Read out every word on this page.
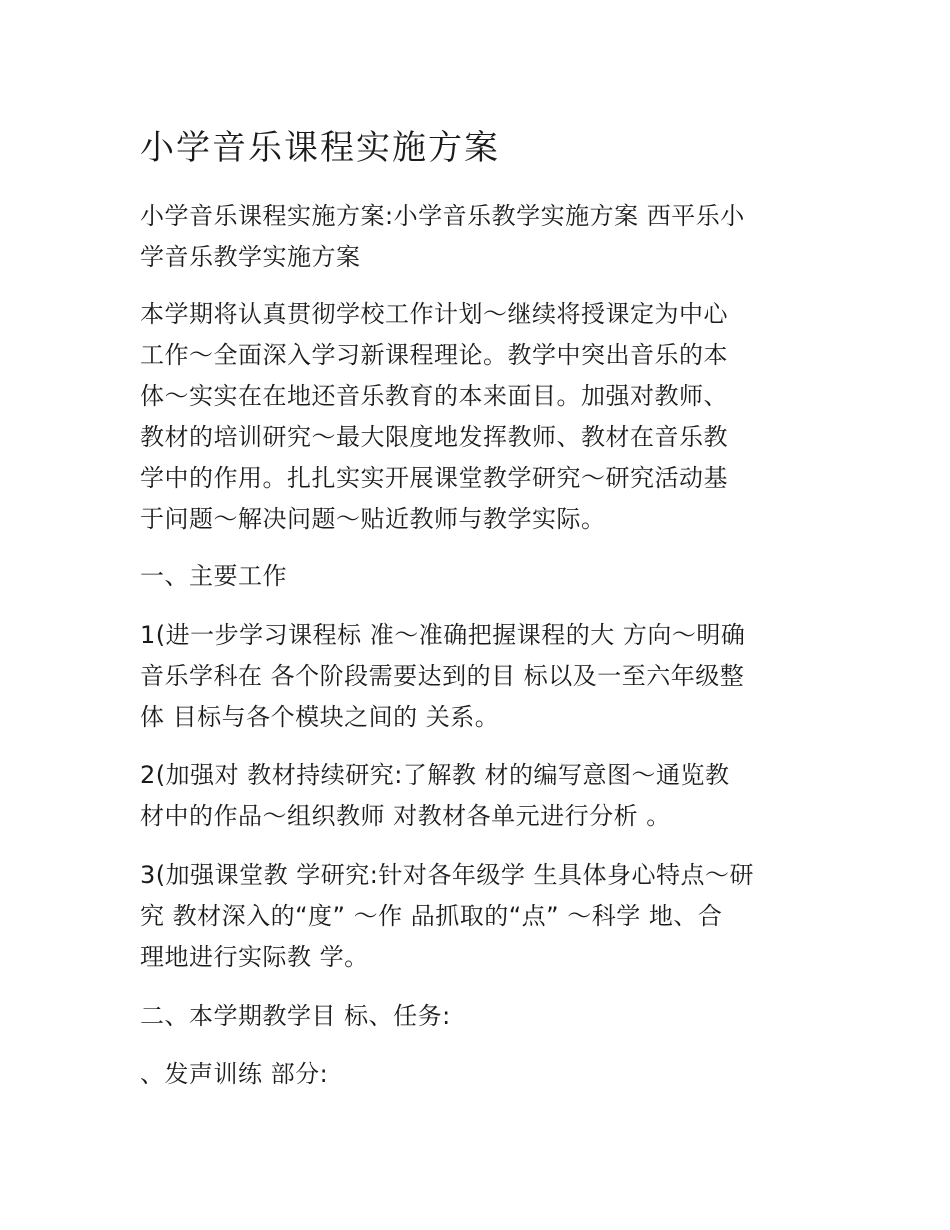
小学音乐课程实施方案

小学音乐课程实施方案:小学音乐教学实施方案 西平乐小
学音乐教学实施方案

本学期将认真贯彻学校工作计划～继续将授课定为中心
工作～全面深入学习新课程理论。教学中突出音乐的本
体～实实在在地还音乐教育的本来面目。加强对教师、
教材的培训研究～最大限度地发挥教师、教材在音乐教
学中的作用。扎扎实实开展课堂教学研究～研究活动基
于问题～解决问题～贴近教师与教学实际。

一、主要工作

1(进一步学习课程标 准～准确把握课程的大 方向～明确
音乐学科在 各个阶段需要达到的目 标以及一至六年级整
体 目标与各个模块之间的 关系。

2(加强对 教材持续研究:了解教 材的编写意图～通览教
材中的作品～组织教师 对教材各单元进行分析 。

3(加强课堂教 学研究:针对各年级学 生具体身心特点～研
究 教材深入的“度” ～作 品抓取的“点” ～科学 地、合
理地进行实际教 学。

二、本学期教学目 标、任务:

、发声训练 部分:
